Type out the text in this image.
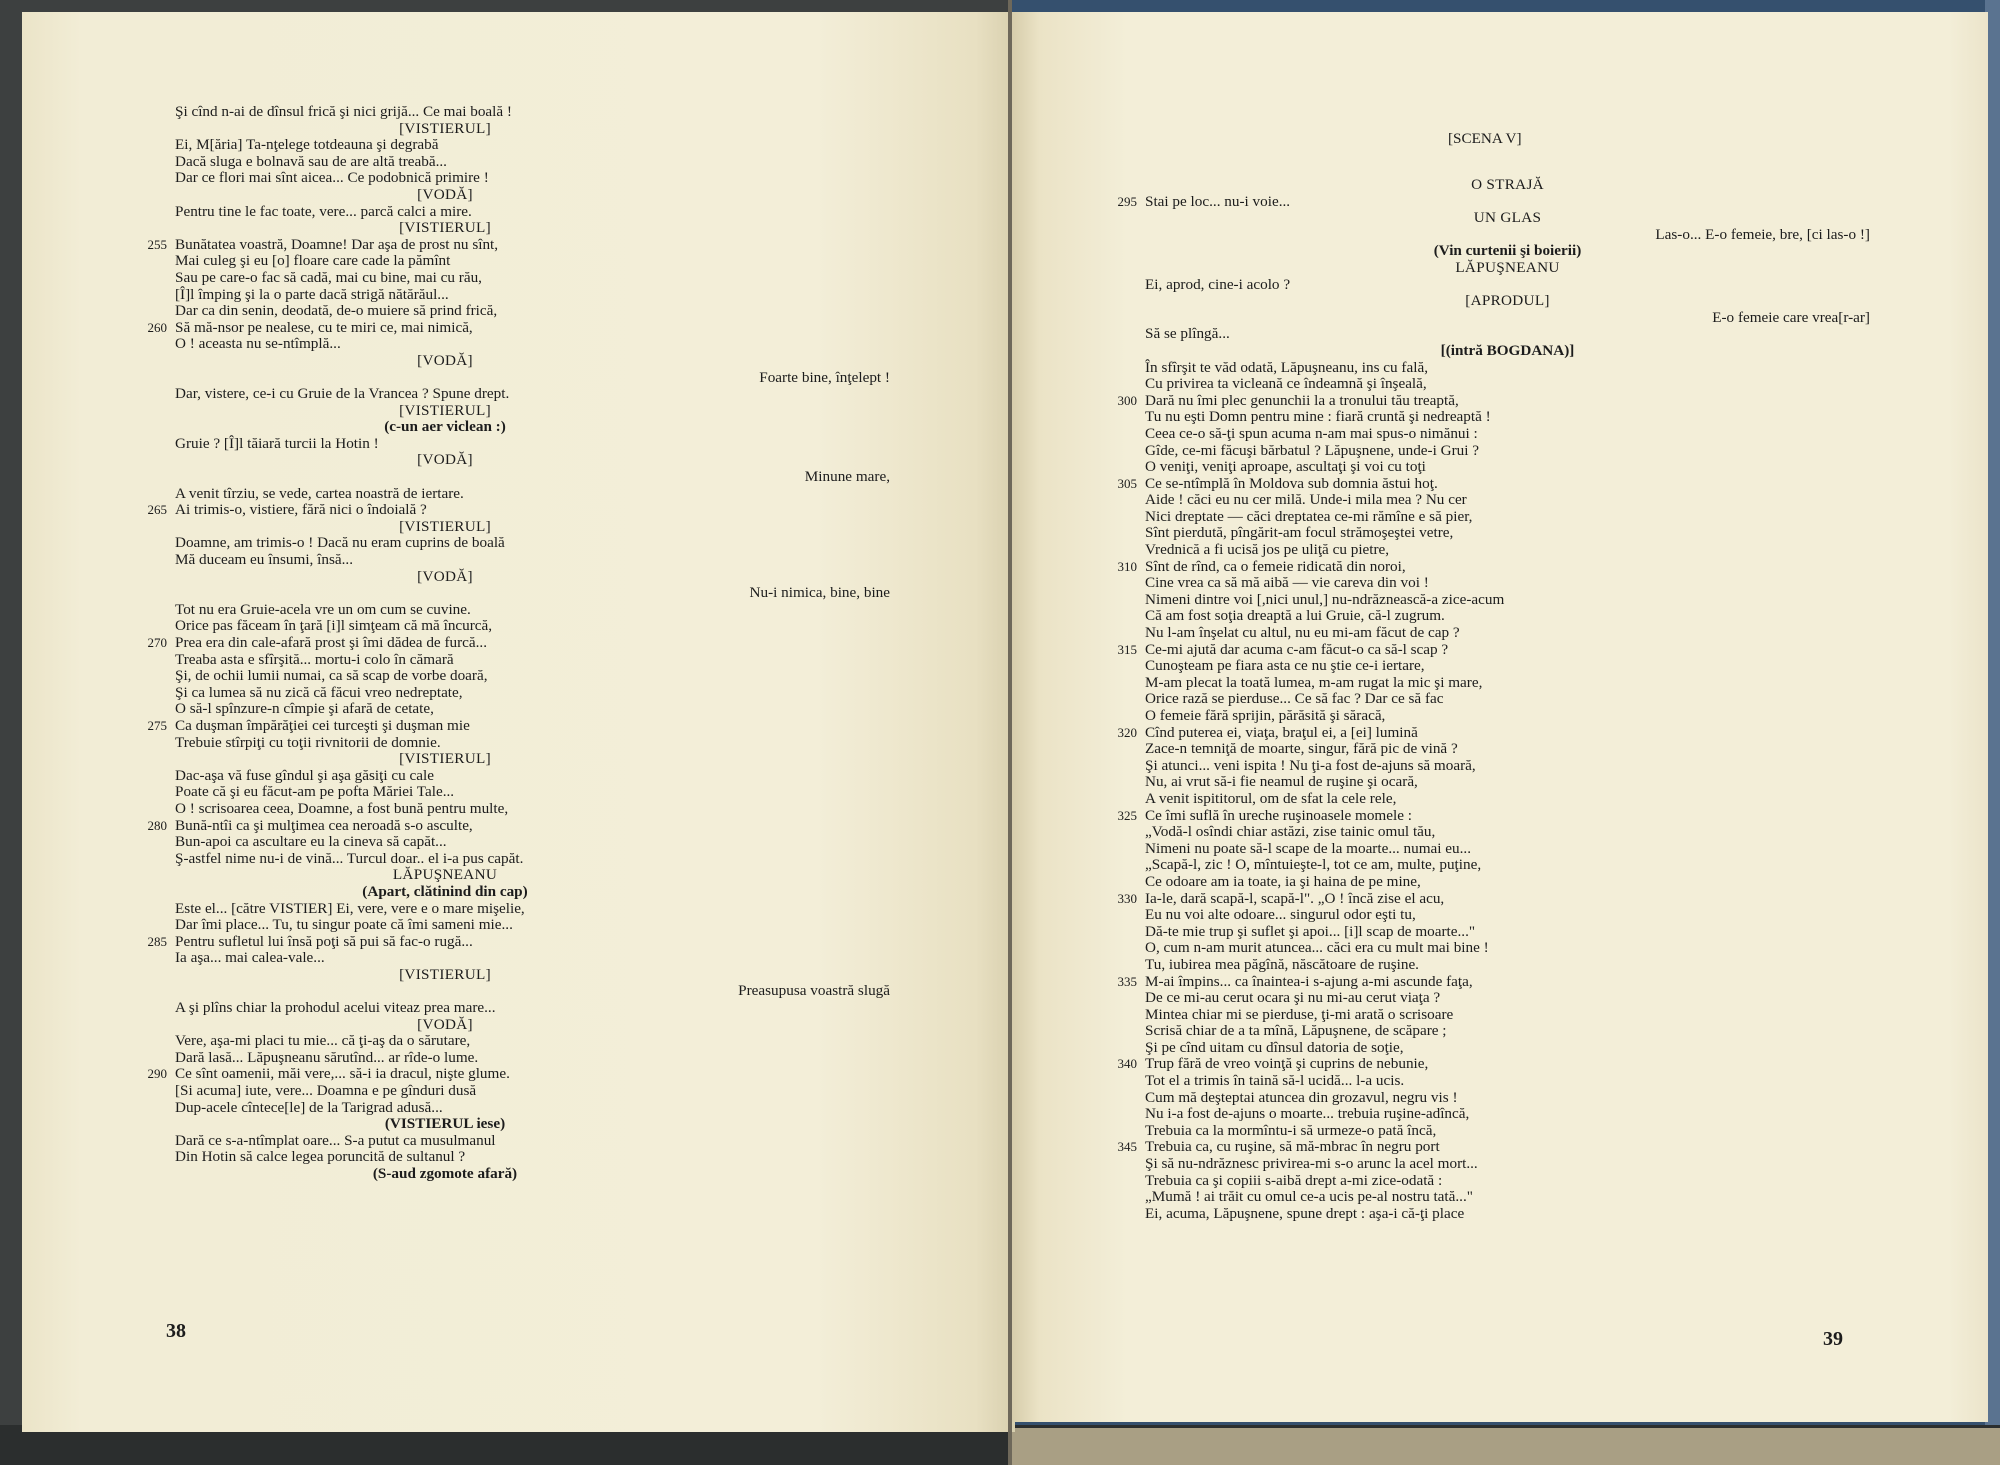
Şi cînd n-ai de dînsul frică şi nici grijă... Ce mai boală !
[VISTIERUL]
Ei, M[ăria] Ta-nţelege totdeauna şi degrabă
Dacă sluga e bolnavă sau de are altă treabă...
Dar ce flori mai sînt aicea... Ce podobnică primire !
[VODĂ]
Pentru tine le fac toate, vere... parcă calci a mire.
[VISTIERUL]
255 Bunătatea voastră, Doamne! Dar aşa de prost nu sînt,
Mai culeg şi eu [o] floare care cade la pămînt
Sau pe care-o fac să cadă, mai cu bine, mai cu rău,
[Î]l împing şi la o parte dacă strigă nătărăul...
Dar ca din senin, deodată, de-o muiere să prind frică,
260 Să mă-nsor pe nealese, cu te miri ce, mai nimică,
O ! aceasta nu se-ntîmplă...
[VODĂ]
Foarte bine, înţelept !
Dar, vistere, ce-i cu Gruie de la Vrancea ? Spune drept.
[VISTIERUL]
(c-un aer viclean :)
Gruie ? [Î]l tăiară turcii la Hotin !
[VODĂ]
Minune mare,
A venit tîrziu, se vede, cartea noastră de iertare.
265 Ai trimis-o, vistiere, fără nici o îndoială ?
[VISTIERUL]
Doamne, am trimis-o ! Dacă nu eram cuprins de boală
Mă duceam eu însumi, însă...
[VODĂ]
Nu-i nimica, bine, bine
Tot nu era Gruie-acela vre un om cum se cuvine.
Orice pas făceam în ţară [i]l simţeam că mă încurcă,
270 Prea era din cale-afară prost şi îmi dădea de furcă...
Treaba asta e sfîrşită... mortu-i colo în cămară
Şi, de ochii lumii numai, ca să scap de vorbe doară,
Şi ca lumea să nu zică că făcui vreo nedreptate,
O să-l spînzure-n cîmpie şi afară de cetate,
275 Ca duşman împărăţiei cei turceşti şi duşman mie
Trebuie stîrpiţi cu toţii rivnitorii de domnie.
[VISTIERUL]
Dac-aşa vă fuse gîndul şi aşa găsiţi cu cale
Poate că şi eu făcut-am pe pofta Măriei Tale...
O ! scrisoarea ceea, Doamne, a fost bună pentru multe,
280 Bună-ntîi ca şi mulţimea cea neroadă s-o asculte,
Bun-apoi ca ascultare eu la cineva să capăt...
Ş-astfel nime nu-i de vină... Turcul doar.. el i-a pus capăt.
LĂPUŞNEANU
(Apart, clătinind din cap)
Este el... [către VISTIER] Ei, vere, vere e o mare mişelie,
Dar îmi place... Tu, tu singur poate că îmi sameni mie...
285 Pentru sufletul lui însă poţi să pui să fac-o rugă...
Ia aşa... mai calea-vale...
[VISTIERUL]
Preasupusa voastră slugă
A şi plîns chiar la prohodul acelui viteaz prea mare...
[VODĂ]
Vere, aşa-mi placi tu mie... că ţi-aş da o sărutare,
Dară lasă... Lăpuşneanu sărutînd... ar rîde-o lume.
290 Ce sînt oamenii, măi vere,... să-i ia dracul, nişte glume.
[Si acuma] iute, vere... Doamna e pe gînduri dusă
Dup-acele cîntece[le] de la Tarigrad adusă...
(VISTIERUL iese)
Dară ce s-a-ntîmplat oare... S-a putut ca musulmanul
Din Hotin să calce legea poruncită de sultanul ?
(S-aud zgomote afară)
[SCENA V]
O STRAJĂ
295 Stai pe loc... nu-i voie...
UN GLAS
Las-o... E-o femeie, bre, [ci las-o !]
(Vin curtenii şi boierii)
LĂPUŞNEANU
Ei, aprod, cine-i acolo ?
[APRODUL]
E-o femeie care vrea[r-ar]
Să se plîngă...
[(intră BOGDANA)]
În sfîrşit te văd odată, Lăpuşneanu, ins cu fală,
Cu privirea ta vicleană ce îndeamnă şi înşeală,
300 Dară nu îmi plec genunchii la a tronului tău treaptă,
Tu nu eşti Domn pentru mine : fiară cruntă şi nedreaptă !
Ceea ce-o să-ţi spun acuma n-am mai spus-o nimănui :
Gîde, ce-mi făcuşi bărbatul ? Lăpuşnene, unde-i Grui ?
O veniţi, veniţi aproape, ascultaţi şi voi cu toţi
305 Ce se-ntîmplă în Moldova sub domnia ăstui hoţ.
Aide ! căci eu nu cer milă. Unde-i mila mea ? Nu cer
Nici dreptate — căci dreptatea ce-mi rămîne e să pier,
Sînt pierdută, pîngărit-am focul strămoşeştei vetre,
Vrednică a fi ucisă jos pe uliţă cu pietre,
310 Sînt de rînd, ca o femeie ridicată din noroi,
Cine vrea ca să mă aibă — vie careva din voi !
Nimeni dintre voi [,nici unul,] nu-ndrăznească-a zice-acum
Că am fost soţia dreaptă a lui Gruie, că-l zugrum.
Nu l-am înşelat cu altul, nu eu mi-am făcut de cap ?
315 Ce-mi ajută dar acuma c-am făcut-o ca să-l scap ?
Cunoşteam pe fiara asta ce nu ştie ce-i iertare,
M-am plecat la toată lumea, m-am rugat la mic şi mare,
Orice rază se pierduse... Ce să fac ? Dar ce să fac
O femeie fără sprijin, părăsită şi săracă,
320 Cînd puterea ei, viaţa, braţul ei, a [ei] lumină
Zace-n temniţă de moarte, singur, fără pic de vină ?
Şi atunci... veni ispita ! Nu ţi-a fost de-ajuns să moară,
Nu, ai vrut să-i fie neamul de ruşine şi ocară,
A venit ispititorul, om de sfat la cele rele,
325 Ce îmi suflă în ureche ruşinoasele momele :
„Vodă-l osîndi chiar astăzi, zise tainic omul tău,
Nimeni nu poate să-l scape de la moarte... numai eu...
„Scapă-l, zic ! O, mîntuieşte-l, tot ce am, multe, puţine,
Ce odoare am ia toate, ia şi haina de pe mine,
330 Ia-le, dară scapă-l, scapă-l". „O ! încă zise el acu,
Eu nu voi alte odoare... singurul odor eşti tu,
Dă-te mie trup şi suflet şi apoi... [i]l scap de moarte..."
O, cum n-am murit atuncea... căci era cu mult mai bine !
Tu, iubirea mea păgînă, născătoare de ruşine.
335 M-ai împins... ca înaintea-i s-ajung a-mi ascunde faţa,
De ce mi-au cerut ocara şi nu mi-au cerut viaţa ?
Mintea chiar mi se pierduse, ţi-mi arată o scrisoare
Scrisă chiar de a ta mînă, Lăpuşnene, de scăpare ;
Şi pe cînd uitam cu dînsul datoria de soţie,
340 Trup fără de vreo voinţă şi cuprins de nebunie,
Tot el a trimis în taină să-l ucidă... l-a ucis.
Cum mă deşteptai atuncea din grozavul, negru vis !
Nu i-a fost de-ajuns o moarte... trebuia ruşine-adîncă,
Trebuia ca la mormîntu-i să urmeze-o pată încă,
345 Trebuia ca, cu ruşine, să mă-mbrac în negru port
Şi să nu-ndrăznesc privirea-mi s-o arunc la acel mort...
Trebuia ca şi copiii s-aibă drept a-mi zice-odată :
„Mumă ! ai trăit cu omul ce-a ucis pe-al nostru tată..."
Ei, acuma, Lăpuşnene, spune drept : aşa-i că-ţi place
38	39
